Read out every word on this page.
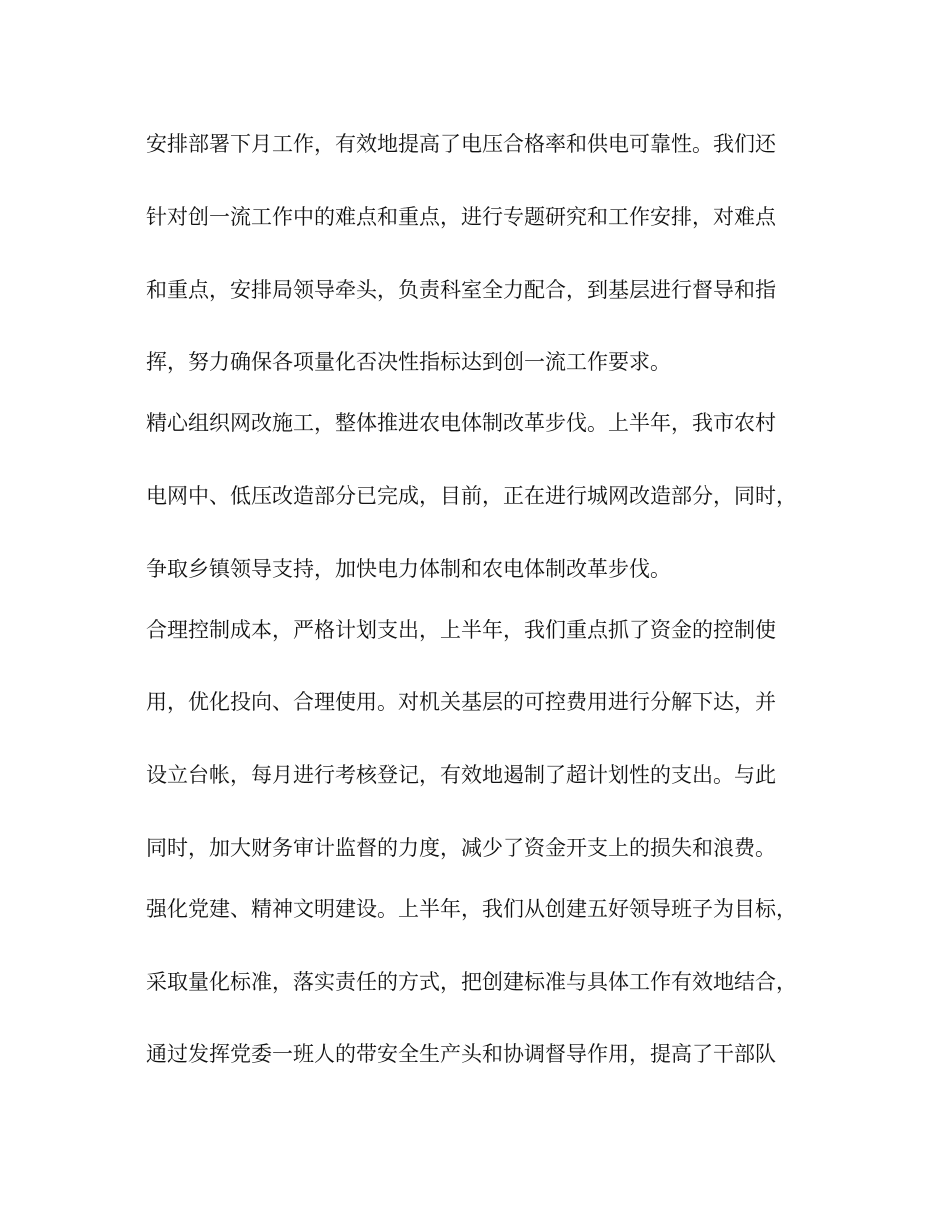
安排部署下月工作，有效地提高了电压合格率和供电可靠性。我们还
针对创一流工作中的难点和重点，进行专题研究和工作安排，对难点
和重点，安排局领导牵头，负责科室全力配合，到基层进行督导和指
挥，努力确保各项量化否决性指标达到创一流工作要求。
精心组织网改施工，整体推进农电体制改革步伐。上半年，我市农村
电网中、低压改造部分已完成，目前，正在进行城网改造部分，同时，
争取乡镇领导支持，加快电力体制和农电体制改革步伐。
合理控制成本，严格计划支出，上半年，我们重点抓了资金的控制使
用，优化投向、合理使用。对机关基层的可控费用进行分解下达，并
设立台帐，每月进行考核登记，有效地遏制了超计划性的支出。与此
同时，加大财务审计监督的力度，减少了资金开支上的损失和浪费。
强化党建、精神文明建设。上半年，我们从创建五好领导班子为目标，
采取量化标准，落实责任的方式，把创建标准与具体工作有效地结合，
通过发挥党委一班人的带安全生产头和协调督导作用，提高了干部队
